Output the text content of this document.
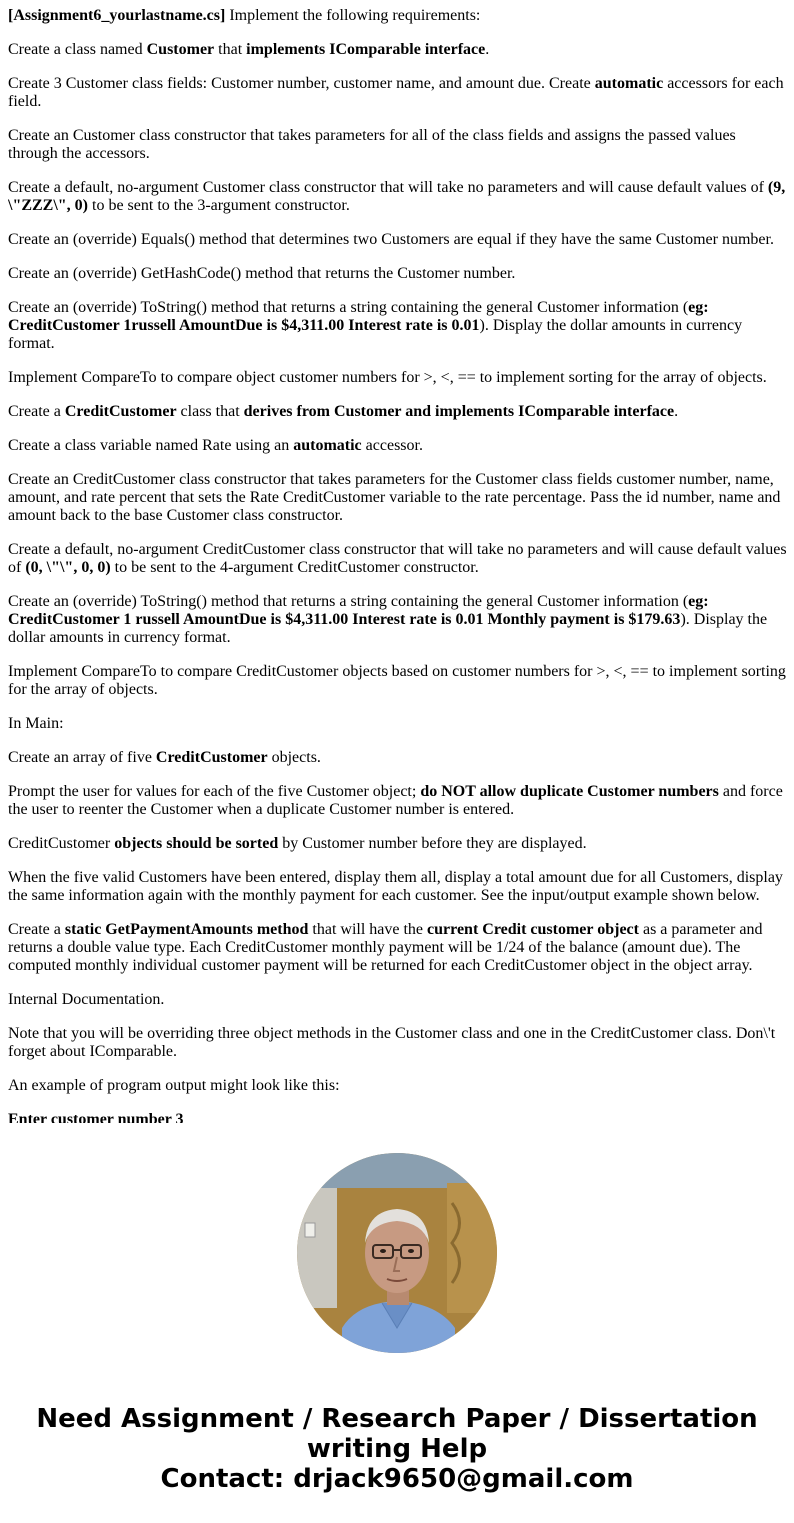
[Assignment6_yourlastname.cs] Implement the following requirements:

Create a class named Customer that implements IComparable interface.

Create 3 Customer class fields: Customer number, customer name, and amount due. Create automatic accessors for each field.

Create an Customer class constructor that takes parameters for all of the class fields and assigns the passed values through the accessors.

Create a default, no-argument Customer class constructor that will take no parameters and will cause default values of (9, \"ZZZ\", 0) to be sent to the 3-argument constructor.

Create an (override) Equals() method that determines two Customers are equal if they have the same Customer number.

Create an (override) GetHashCode() method that returns the Customer number.

Create an (override) ToString() method that returns a string containing the general Customer information (eg: CreditCustomer 1russell AmountDue is $4,311.00 Interest rate is 0.01). Display the dollar amounts in currency format.

Implement CompareTo to compare object customer numbers for >, <, == to implement sorting for the array of objects.

Create a CreditCustomer class that derives from Customer and implements IComparable interface.

Create a class variable named Rate using an automatic accessor.

Create an CreditCustomer class constructor that takes parameters for the Customer class fields customer number, name, amount, and rate percent that sets the Rate CreditCustomer variable to the rate percentage. Pass the id number, name and amount back to the base Customer class constructor.

Create a default, no-argument CreditCustomer class constructor that will take no parameters and will cause default values of (0, \"\", 0, 0) to be sent to the 4-argument CreditCustomer constructor.

Create an (override) ToString() method that returns a string containing the general Customer information (eg: CreditCustomer 1 russell AmountDue is $4,311.00 Interest rate is 0.01 Monthly payment is $179.63). Display the dollar amounts in currency format.

Implement CompareTo to compare CreditCustomer objects based on customer numbers for >, <, == to implement sorting for the array of objects.

In Main:

Create an array of five CreditCustomer objects.

Prompt the user for values for each of the five Customer object; do NOT allow duplicate Customer numbers and force the user to reenter the Customer when a duplicate Customer number is entered.

CreditCustomer objects should be sorted by Customer number before they are displayed.

When the five valid Customers have been entered, display them all, display a total amount due for all Customers, display the same information again with the monthly payment for each customer. See the input/output example shown below.

Create a static GetPaymentAmounts method that will have the current Credit customer object as a parameter and returns a double value type. Each CreditCustomer monthly payment will be 1/24 of the balance (amount due). The computed monthly individual customer payment will be returned for each CreditCustomer object in the object array.

Internal Documentation.

Note that you will be overriding three object methods in the Customer class and one in the CreditCustomer class. Don\'t forget about IComparable.

An example of program output might look like this:

Enter customer number 3

Need Assignment / Research Paper / Dissertation
writing Help
Contact: drjack9650@gmail.com
